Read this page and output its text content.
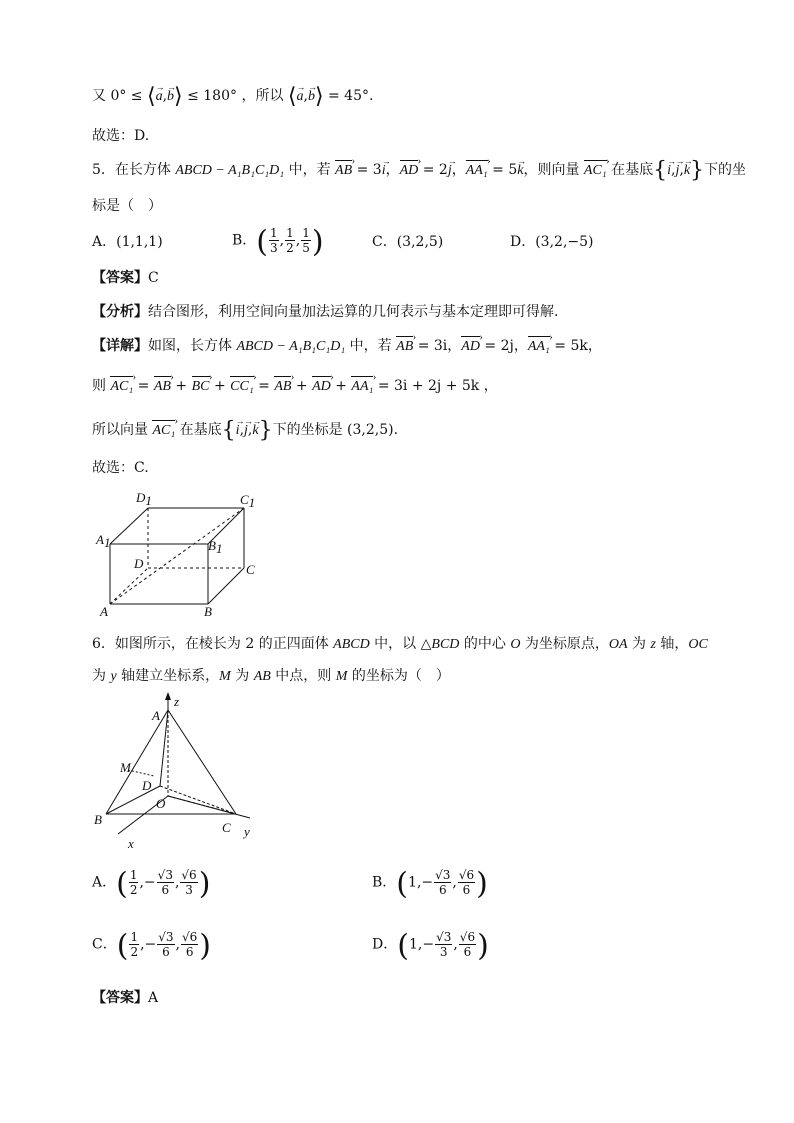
又 0° ≤ ⟨a →,b →⟩ ≤ 180° ，所以 ⟨a →,b →⟩ = 45°.
故选：D.
5．在长方体 ABCD − A₁B₁C₁D₁ 中，若 AB › = 3i →，AD › = 2j →，AA₁ › = 5k →，则向量 AC₁ › 在基底{i →,j →,k →}下的坐
标是（　）
A．(1,1,1)	B．( $\frac{1}{3}$ , $\frac{1}{2}$ , $\frac{1}{5}$ )	C．(3,2,5)	D．(3,2,−5)
【答案】C
【分析】结合图形，利用空间向量加法运算的几何表示与基本定理即可得解.
【详解】如图，长方体 ABCD − A₁B₁C₁D₁ 中，若 AB › = 3i，AD › = 2j，AA₁ › = 5k，
则 AC₁ › = AB › + BC › + CC₁ › = AB › + AD › + AA₁ › = 3i + 2j + 5k ，
所以向量 AC₁ › 在基底{i →,j →,k →}下的坐标是 (3,2,5).
故选：C.
A	B
C
D
A1	B1
C1
D1
6．如图所示，在棱长为 2 的正四面体 ABCD 中，以 △BCD 的中心 O 为坐标原点，OA 为 z 轴，OC
为 y 轴建立坐标系，M 为 AB 中点，则 M 的坐标为（　）
A
z
M
D
O
B
C y
x
A．( $\frac{1}{2}$ ,− $\frac{√3}{6}$ , $\frac{√6}{3}$ )	B．($1,- \frac{√3}{6}$ , $\frac{√6}{6}$ )
C．( $\frac{1}{2}$ ,− $\frac{√3}{6}$ , $\frac{√6}{6}$ )	D．($1,- \frac{√3}{3}$ , $\frac{√6}{6}$ )
【答案】A
